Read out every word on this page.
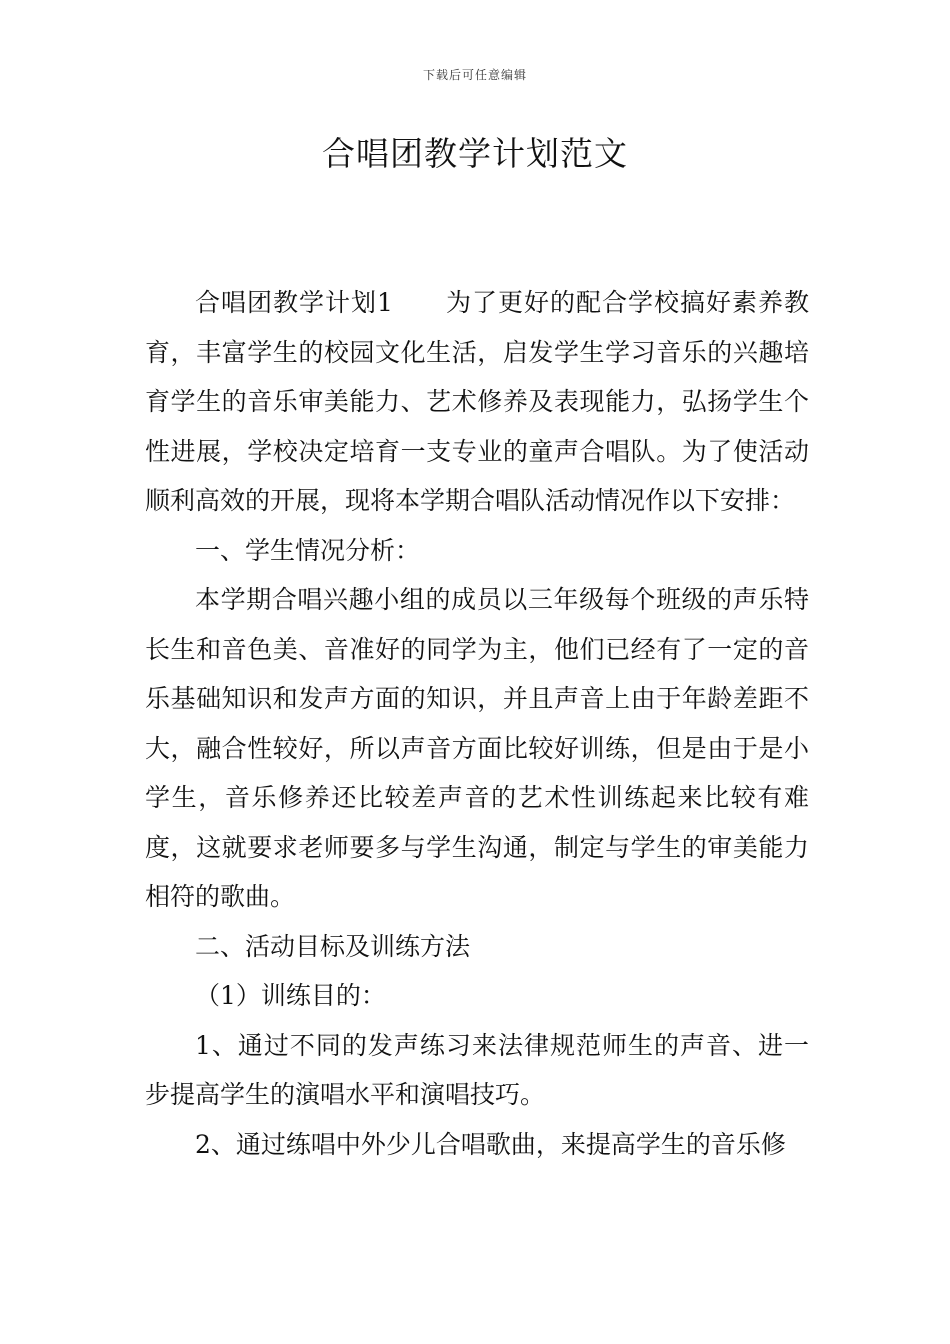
下载后可任意编辑
合唱团教学计划范文

合唱团教学计划1 为了更好的配合学校搞好素养教育，丰富学生的校园文化生活，启发学生学习音乐的兴趣培育学生的音乐审美能力、艺术修养及表现能力，弘扬学生个性进展，学校决定培育一支专业的童声合唱队。为了使活动顺利高效的开展，现将本学期合唱队活动情况作以下安排：

一、学生情况分析：

本学期合唱兴趣小组的成员以三年级每个班级的声乐特长生和音色美、音准好的同学为主，他们已经有了一定的音乐基础知识和发声方面的知识，并且声音上由于年龄差距不大，融合性较好，所以声音方面比较好训练，但是由于是小学生，音乐修养还比较差声音的艺术性训练起来比较有难度，这就要求老师要多与学生沟通，制定与学生的审美能力相符的歌曲。

二、活动目标及训练方法

（1）训练目的：

1、通过不同的发声练习来法律规范师生的声音、进一步提高学生的演唱水平和演唱技巧。

2、通过练唱中外少儿合唱歌曲，来提高学生的音乐修
